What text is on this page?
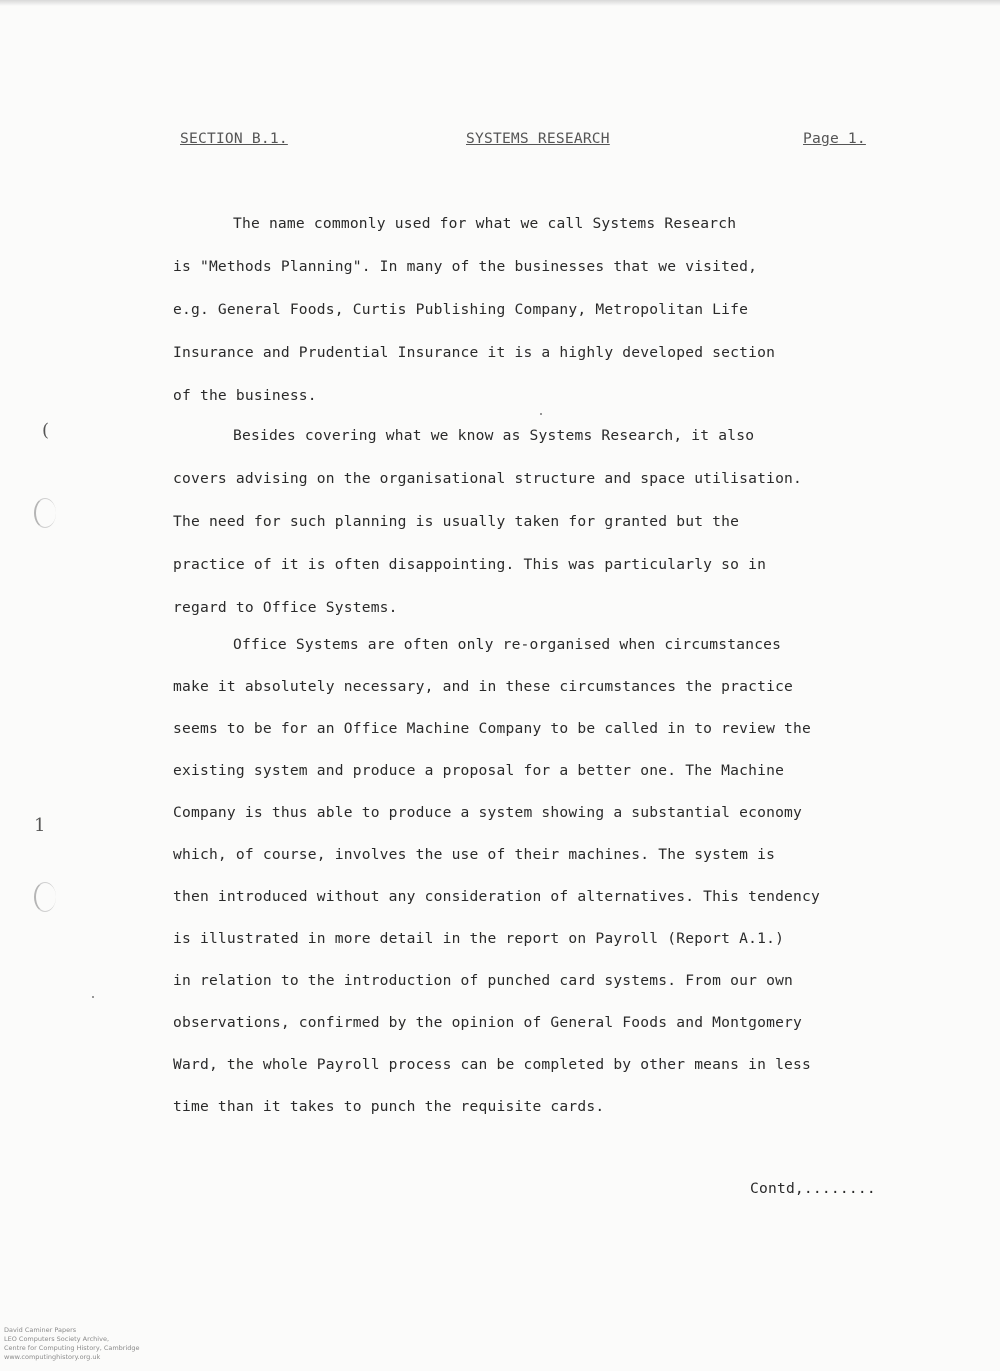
SECTION B.1.	SYSTEMS RESEARCH	Page 1.
The name commonly used for what we call Systems Research
is "Methods Planning". In many of the businesses that we visited,
e.g. General Foods, Curtis Publishing Company, Metropolitan Life
Insurance and Prudential Insurance it is a highly developed section
of the business.
Besides covering what we know as Systems Research, it also
covers advising on the organisational structure and space utilisation.
The need for such planning is usually taken for granted but the
practice of it is often disappointing. This was particularly so in
regard to Office Systems.
Office Systems are often only re-organised when circumstances
make it absolutely necessary, and in these circumstances the practice
seems to be for an Office Machine Company to be called in to review the
existing system and produce a proposal for a better one. The Machine
Company is thus able to produce a system showing a substantial economy
which, of course, involves the use of their machines. The system is
then introduced without any consideration of alternatives. This tendency
is illustrated in more detail in the report on Payroll (Report A.1.)
in relation to the introduction of punched card systems. From our own
observations, confirmed by the opinion of General Foods and Montgomery
Ward, the whole Payroll process can be completed by other means in less
time than it takes to punch the requisite cards.
Contd,........
(
1
David Caminer Papers
LEO Computers Society Archive,
Centre for Computing History, Cambridge
www.computinghistory.org.uk
